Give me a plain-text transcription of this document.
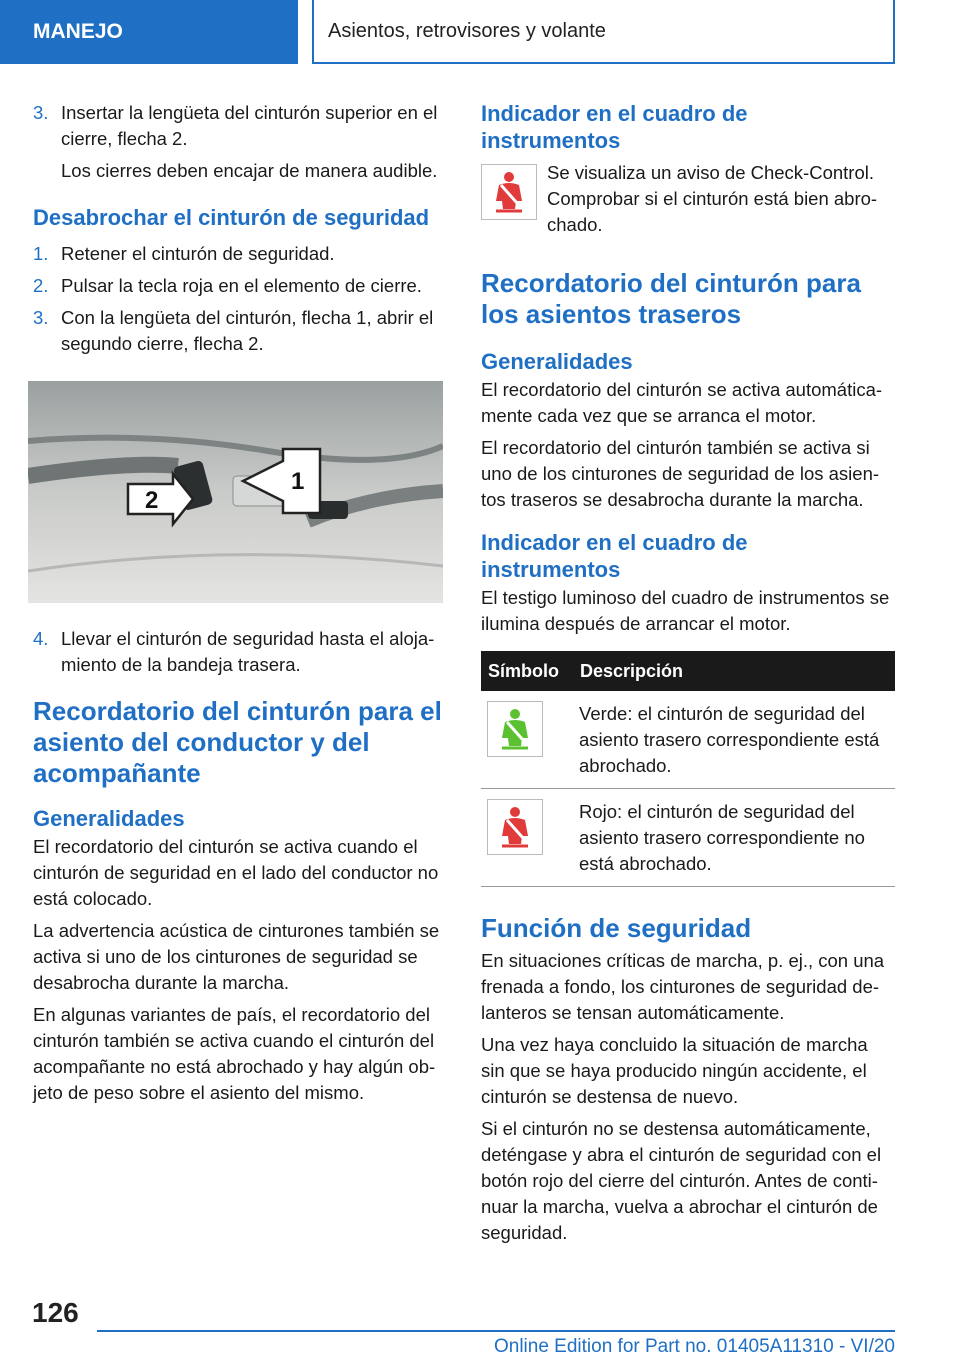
MANEJO	Asientos, retrovisores y volante
3. Insertar la lengüeta del cinturón superior en el cierre, flecha 2.

Los cierres deben encajar de manera audible.

Desabrochar el cinturón de seguridad
1. Retener el cinturón de seguridad.
2. Pulsar la tecla roja en el elemento de cierre.
3. Con la lengüeta del cinturón, flecha 1, abrir el segundo cierre, flecha 2.
2
1
4. Llevar el cinturón de seguridad hasta el aloja- miento de la bandeja trasera.
Recordatorio del cinturón para el asiento del conductor y del acompañante
Generalidades

El recordatorio del cinturón se activa cuando el cinturón de seguridad en el lado del conductor no está colocado.

La advertencia acústica de cinturones también se activa si uno de los cinturones de seguridad se desabrocha durante la marcha.

En algunas variantes de país, el recordatorio del cinturón también se activa cuando el cinturón del acompañante no está abrochado y hay algún ob- jeto de peso sobre el asiento del mismo.

Indicador en el cuadro de instrumentos

Se visualiza un aviso de Check-Control. Comprobar si el cinturón está bien abro- chado.

Recordatorio del cinturón para los asientos traseros
Generalidades

El recordatorio del cinturón se activa automática- mente cada vez que se arranca el motor.

El recordatorio del cinturón también se activa si uno de los cinturones de seguridad de los asien- tos traseros se desabrocha durante la marcha.

Indicador en el cuadro de instrumentos

El testigo luminoso del cuadro de instrumentos se ilumina después de arrancar el motor.

Símbolo	Descripción

	Verde: el cinturón de seguridad del asiento trasero correspondiente está abrochado.

	Rojo: el cinturón de seguridad del asiento trasero correspondiente no está abrochado.
Función de seguridad

En situaciones críticas de marcha, p. ej., con una frenada a fondo, los cinturones de seguridad de- lanteros se tensan automáticamente.

Una vez haya concluido la situación de marcha sin que se haya producido ningún accidente, el cinturón se destensa de nuevo.

Si el cinturón no se destensa automáticamente, deténgase y abra el cinturón de seguridad con el botón rojo del cierre del cinturón. Antes de conti- nuar la marcha, vuelva a abrochar el cinturón de seguridad.

126
Online Edition for Part no. 01405A11310 - VI/20
